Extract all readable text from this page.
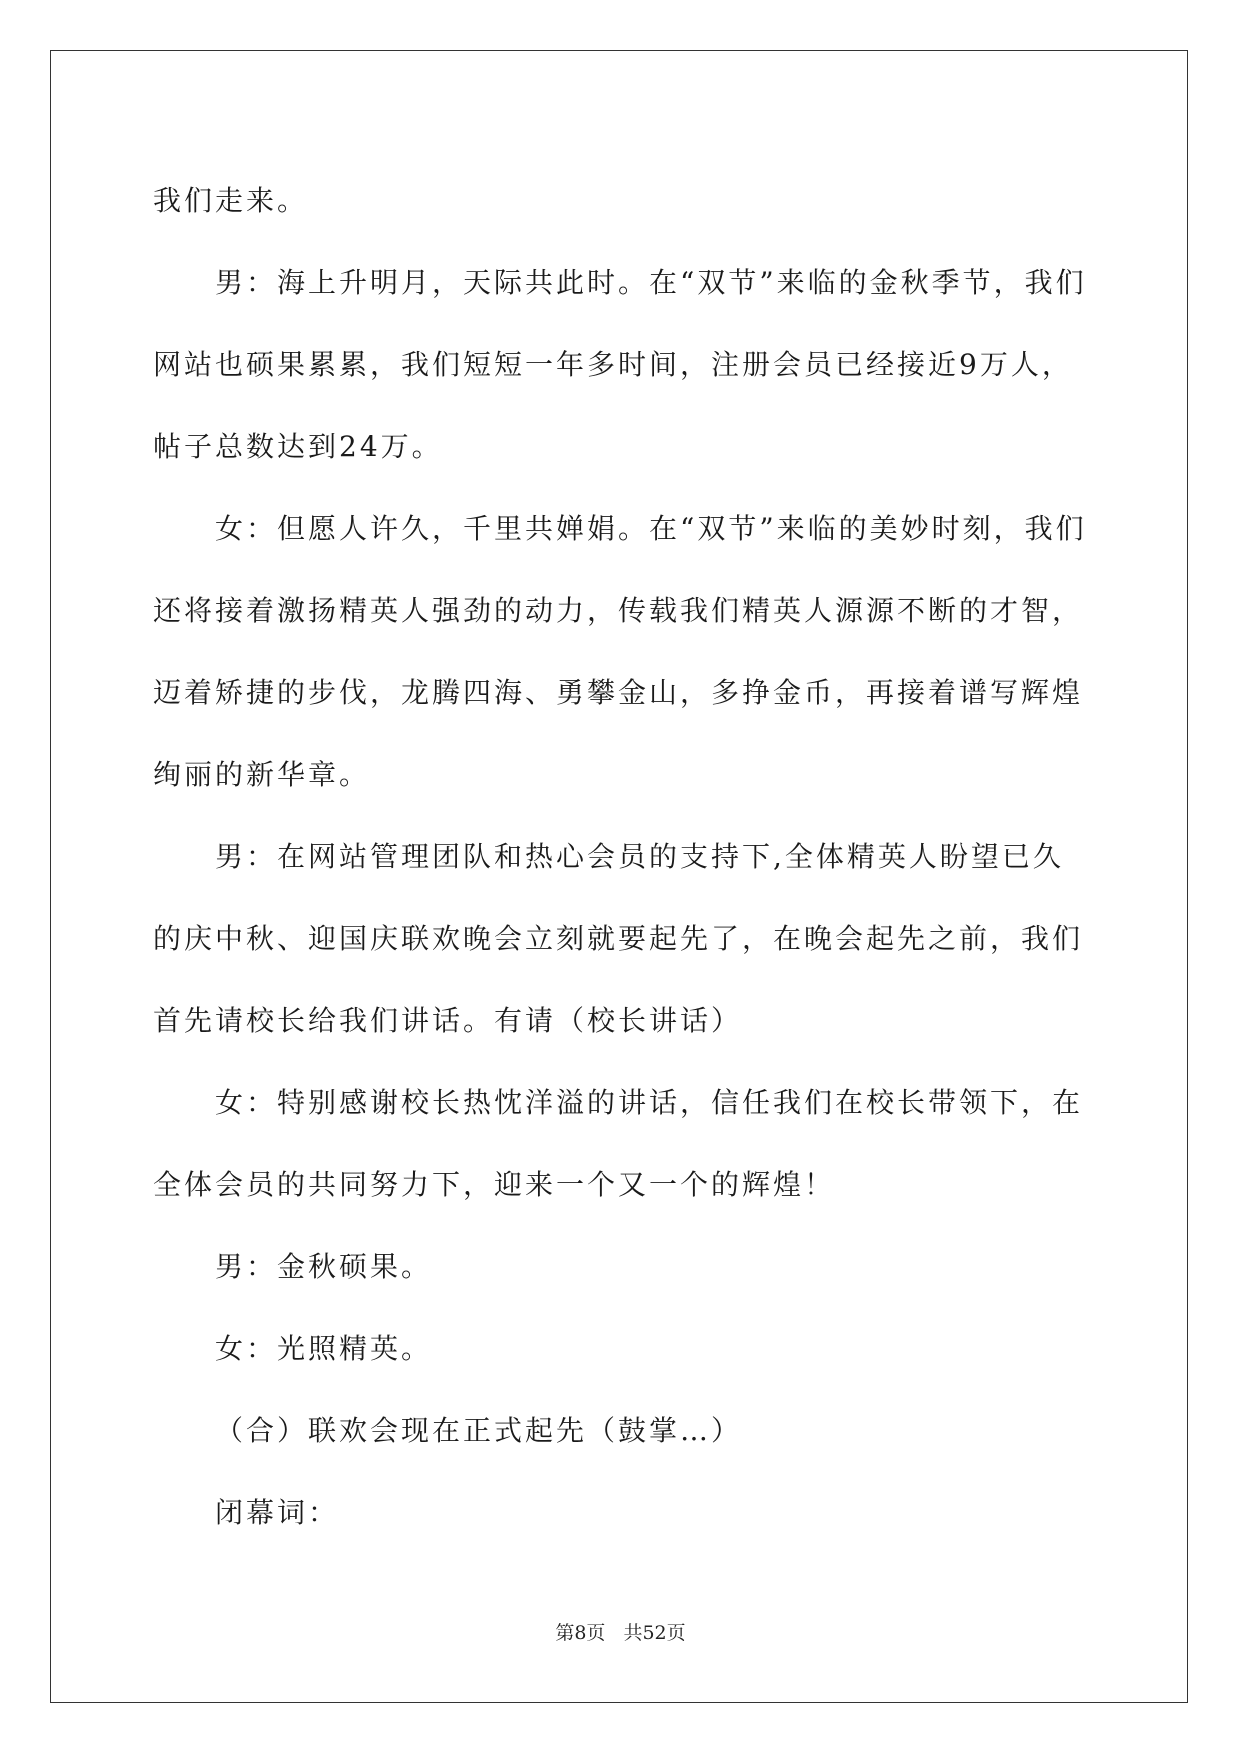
我们走来。

男：海上升明月，天际共此时。在“双节”来临的金秋季节，我们网站也硕果累累，我们短短一年多时间，注册会员已经接近9万人，帖子总数达到24万。

女：但愿人许久，千里共婵娟。在“双节”来临的美妙时刻，我们还将接着激扬精英人强劲的动力，传载我们精英人源源不断的才智，迈着矫捷的步伐，龙腾四海、勇攀金山，多挣金币，再接着谱写辉煌绚丽的新华章。

男：在网站管理团队和热心会员的支持下,全体精英人盼望已久的庆中秋、迎国庆联欢晚会立刻就要起先了，在晚会起先之前，我们首先请校长给我们讲话。有请（校长讲话）

女：特别感谢校长热忱洋溢的讲话，信任我们在校长带领下，在全体会员的共同努力下，迎来一个又一个的辉煌！

男：金秋硕果。

女：光照精英。

（合）联欢会现在正式起先（鼓掌…）

闭幕词：

第8页 共52页
